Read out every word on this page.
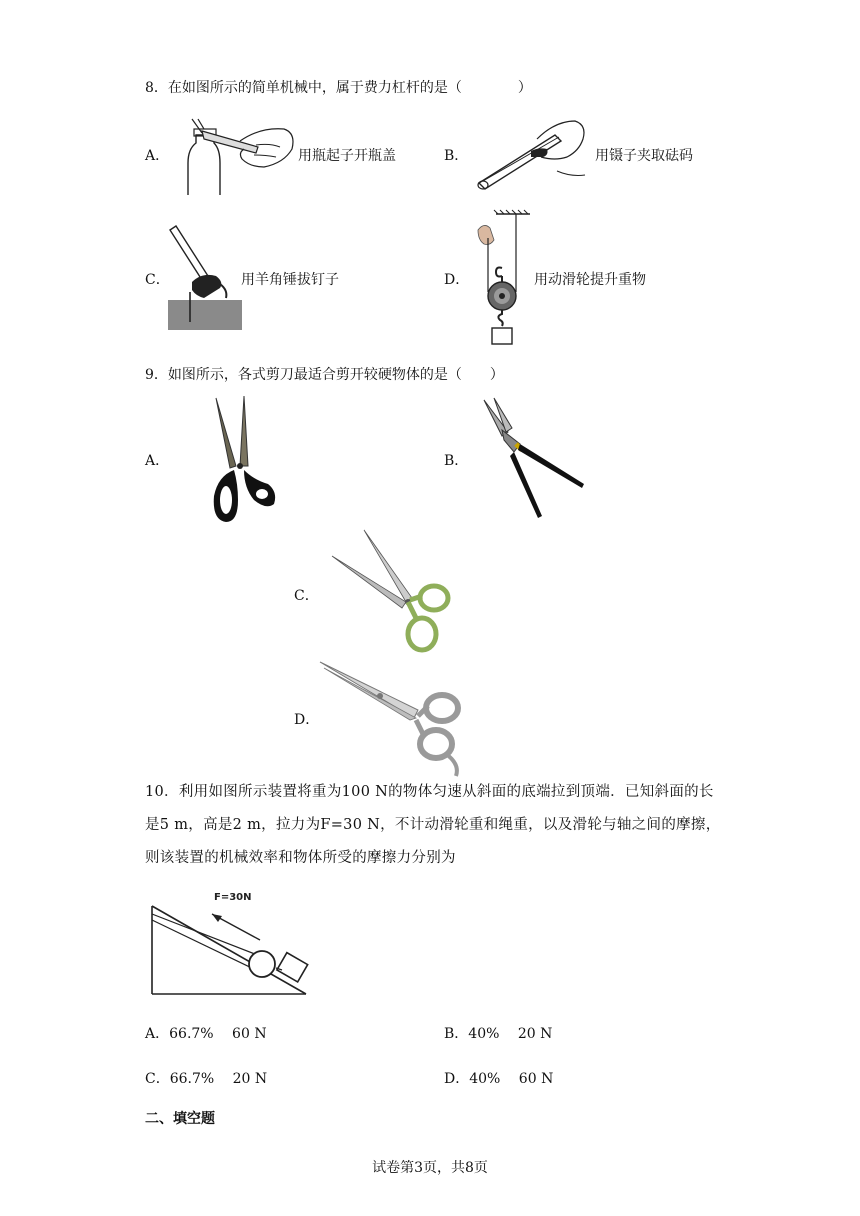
8．在如图所示的简单机械中，属于费力杠杆的是（　　　　）
A．	用瓶起子开瓶盖	B．	用镊子夹取砝码
C．	用羊角锤拔钉子	D．	用动滑轮提升重物
9．如图所示，各式剪刀最适合剪开较硬物体的是（　　）
A．	B．
C．
D．
10．利用如图所示装置将重为100 N的物体匀速从斜面的底端拉到顶端．已知斜面的长
是5 m，高是2 m，拉力为F=30 N，不计动滑轮重和绳重，以及滑轮与轴之间的摩擦，
则该装置的机械效率和物体所受的摩擦力分别为
F=30N
A．66.7%　 60 N	B．40%　 20 N
C．66.7%　 20 N	D．40%　 60 N
二、填空题
试卷第3页，共8页
